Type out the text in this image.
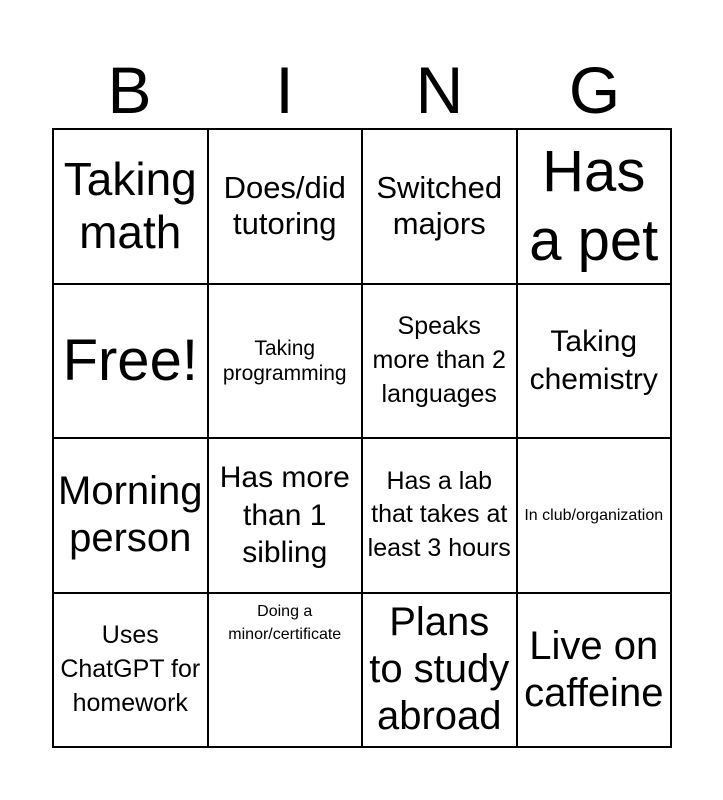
B	I	N	G
Taking math
Does/did tutoring
Switched majors
Has a pet
Free!	Taking programming
Speaks more than 2 languages
Taking chemistry
Morning person
Has more than 1 sibling
Has a lab that takes at least 3 hours
In club/organization
Uses ChatGPT for homework
Doing a minor/certificate	Plans to study abroad
Live on caffeine
